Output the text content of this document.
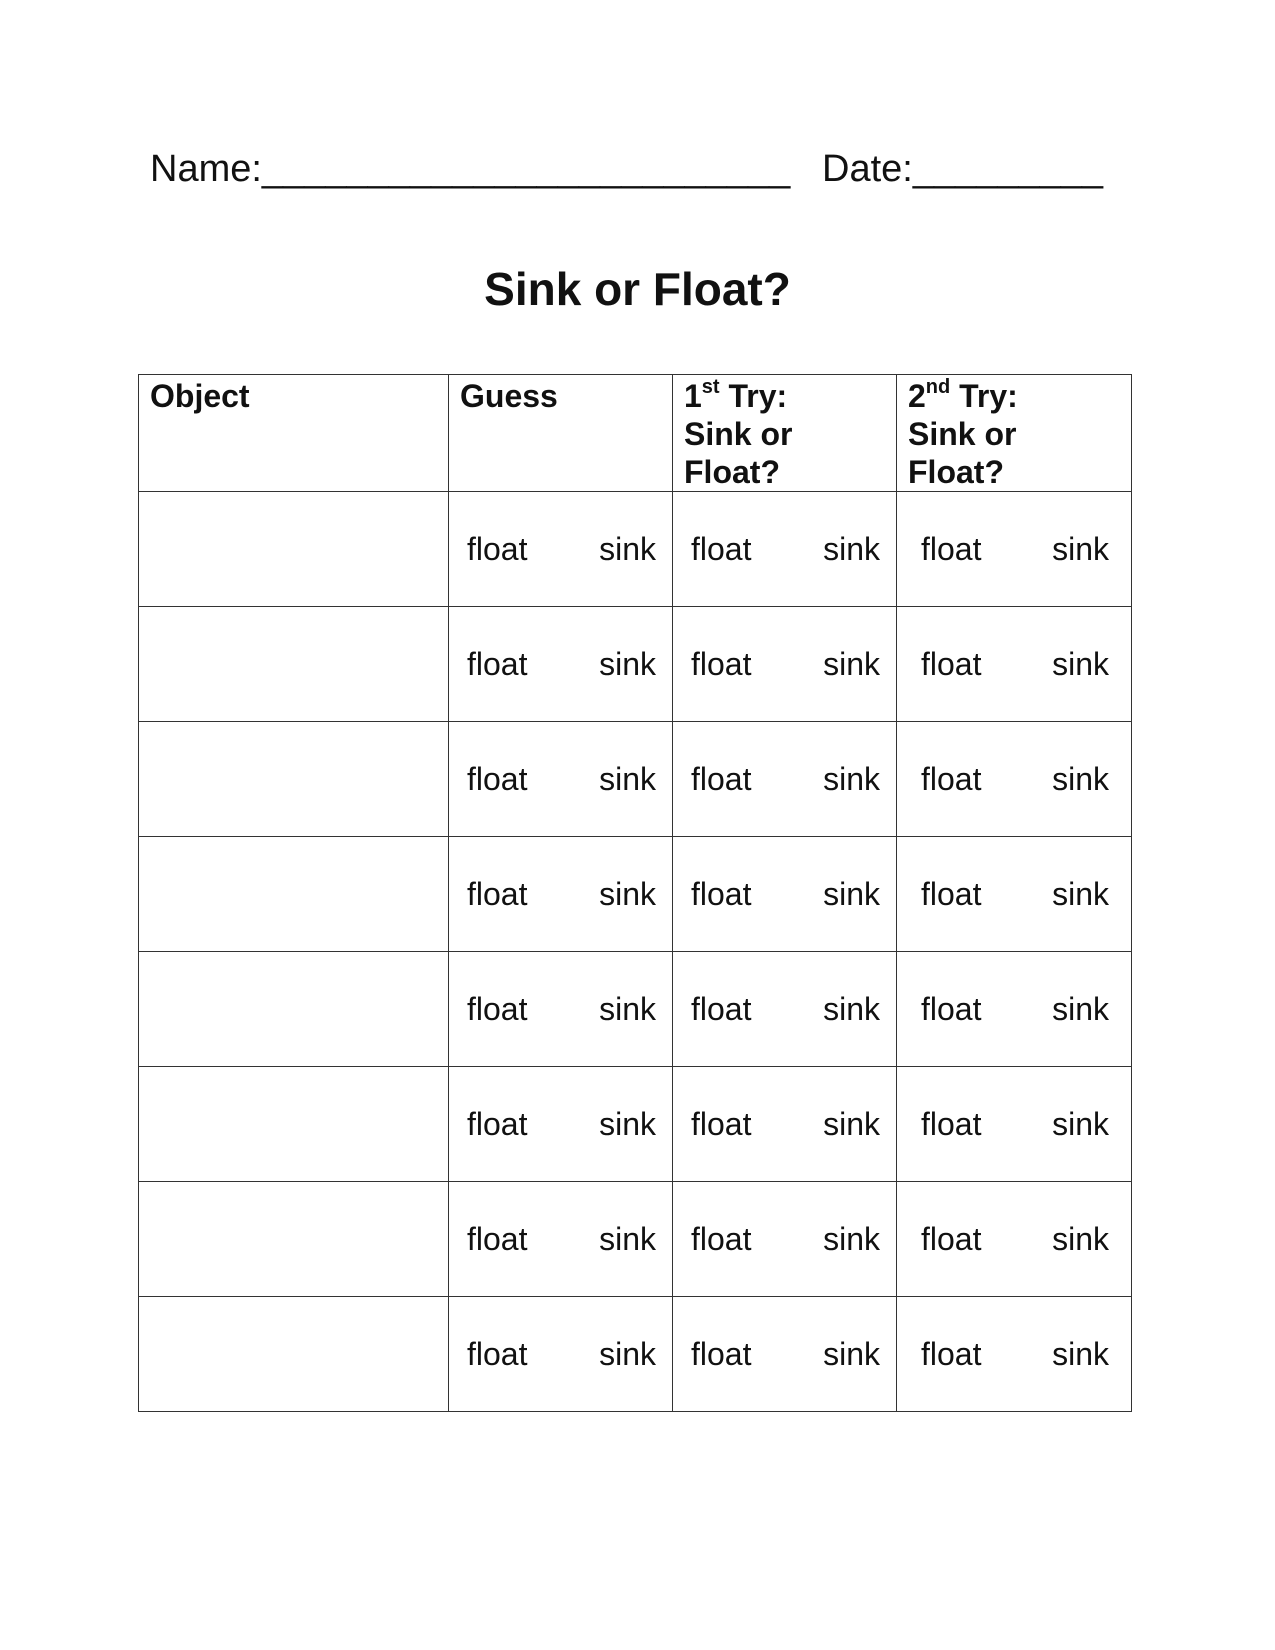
Name:_________________________ Date:_________
Sink or Float?
Object	Guess	1st Try:
Sink or
Float?	2nd Try:
Sink or
Float?

	float sink	float sink	float sink

	float sink	float sink	float sink

	float sink	float sink	float sink

	float sink	float sink	float sink

	float sink	float sink	float sink

	float sink	float sink	float sink

	float sink	float sink	float sink

	float sink	float sink	float sink
